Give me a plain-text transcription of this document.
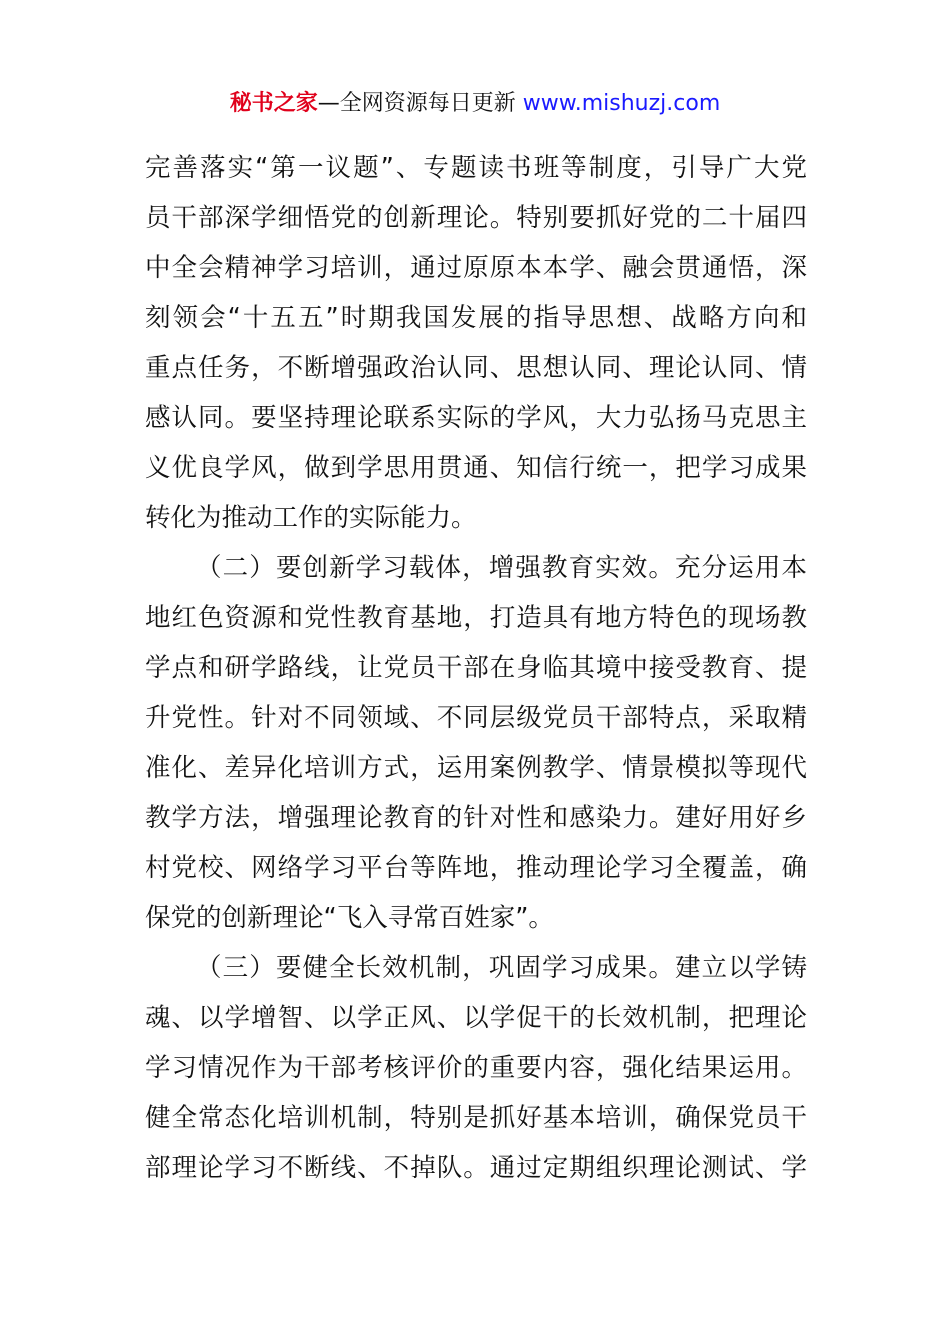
秘书之家—全网资源每日更新 www.mishuzj.com
完善落实“第一议题”、专题读书班等制度，引导广大党
员干部深学细悟党的创新理论。特别要抓好党的二十届四
中全会精神学习培训，通过原原本本学、融会贯通悟，深
刻领会“十五五”时期我国发展的指导思想、战略方向和
重点任务，不断增强政治认同、思想认同、理论认同、情
感认同。要坚持理论联系实际的学风，大力弘扬马克思主
义优良学风，做到学思用贯通、知信行统一，把学习成果
转化为推动工作的实际能力。
（二）要创新学习载体，增强教育实效。充分运用本
地红色资源和党性教育基地，打造具有地方特色的现场教
学点和研学路线，让党员干部在身临其境中接受教育、提
升党性。针对不同领域、不同层级党员干部特点，采取精
准化、差异化培训方式，运用案例教学、情景模拟等现代
教学方法，增强理论教育的针对性和感染力。建好用好乡
村党校、网络学习平台等阵地，推动理论学习全覆盖，确
保党的创新理论“飞入寻常百姓家”。
（三）要健全长效机制，巩固学习成果。建立以学铸
魂、以学增智、以学正风、以学促干的长效机制，把理论
学习情况作为干部考核评价的重要内容，强化结果运用。
健全常态化培训机制，特别是抓好基本培训，确保党员干
部理论学习不断线、不掉队。通过定期组织理论测试、学
